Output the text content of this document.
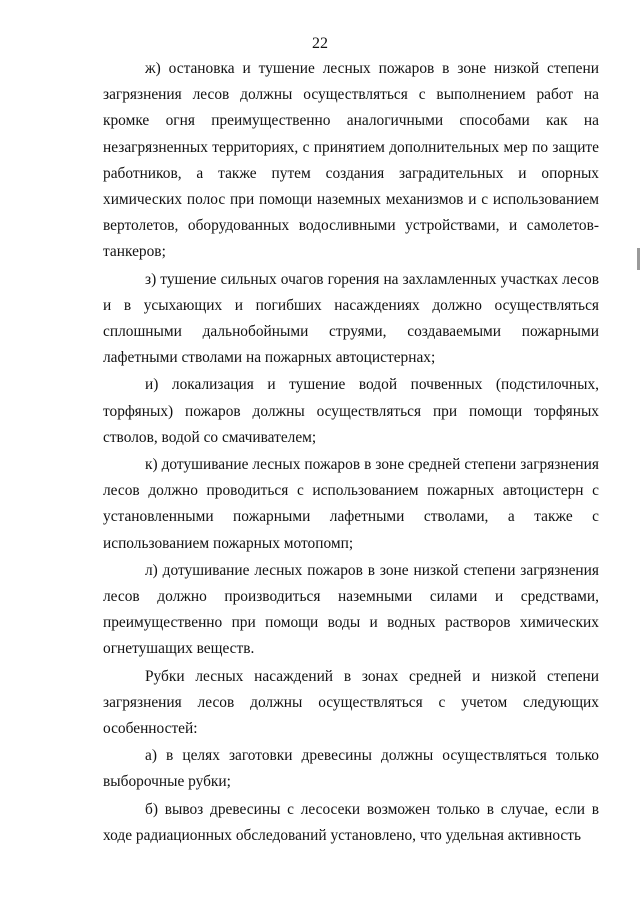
22

ж) остановка и тушение лесных пожаров в зоне низкой степени загрязнения лесов должны осуществляться с выполнением работ на кромке огня преимущественно аналогичными способами как на незагрязненных территориях, с принятием дополнительных мер по защите работников, а также путем создания заградительных и опорных химических полос при помощи наземных механизмов и с использованием вертолетов, оборудованных водосливными устройствами, и самолетов-танкеров;

з) тушение сильных очагов горения на захламленных участках лесов и в усыхающих и погибших насаждениях должно осуществляться сплошными дальнобойными струями, создаваемыми пожарными лафетными стволами на пожарных автоцистернах;

и) локализация и тушение водой почвенных (подстилочных, торфяных) пожаров должны осуществляться при помощи торфяных стволов, водой со смачивателем;

к) дотушивание лесных пожаров в зоне средней степени загрязнения лесов должно проводиться с использованием пожарных автоцистерн с установленными пожарными лафетными стволами, а также с использованием пожарных мотопомп;

л) дотушивание лесных пожаров в зоне низкой степени загрязнения лесов должно производиться наземными силами и средствами, преимущественно при помощи воды и водных растворов химических огнетушащих веществ.

Рубки лесных насаждений в зонах средней и низкой степени загрязнения лесов должны осуществляться с учетом следующих особенностей:

а) в целях заготовки древесины должны осуществляться только выборочные рубки;

б) вывоз древесины с лесосеки возможен только в случае, если в ходе радиационных обследований установлено, что удельная активность
